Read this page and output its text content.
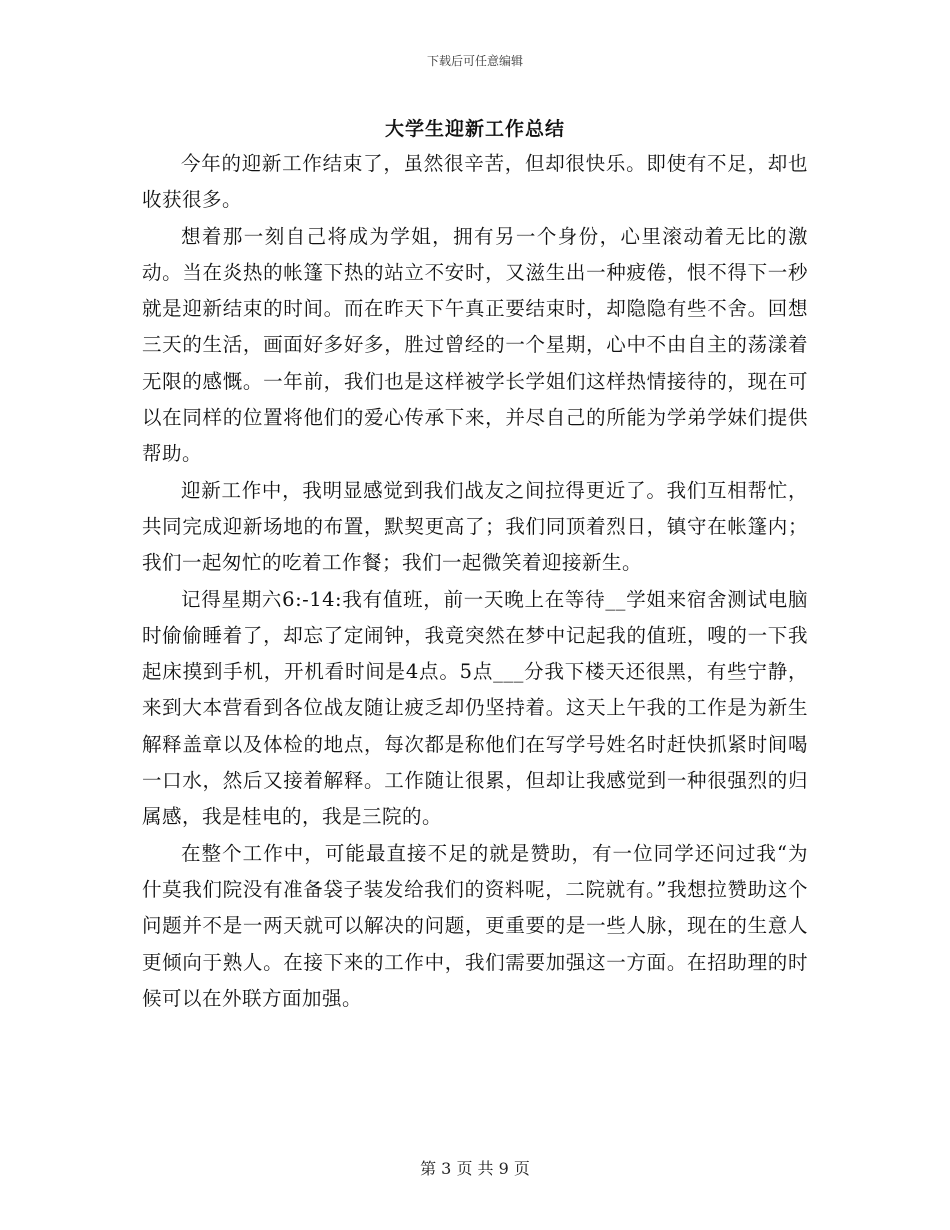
下载后可任意编辑
大学生迎新工作总结

今年的迎新工作结束了，虽然很辛苦，但却很快乐。即使有不足，却也收获很多。

想着那一刻自己将成为学姐，拥有另一个身份，心里滚动着无比的激动。当在炎热的帐篷下热的站立不安时，又滋生出一种疲倦，恨不得下一秒就是迎新结束的时间。而在昨天下午真正要结束时，却隐隐有些不舍。回想三天的生活，画面好多好多，胜过曾经的一个星期，心中不由自主的荡漾着无限的感慨。一年前，我们也是这样被学长学姐们这样热情接待的，现在可以在同样的位置将他们的爱心传承下来，并尽自己的所能为学弟学妹们提供帮助。

迎新工作中，我明显感觉到我们战友之间拉得更近了。我们互相帮忙，共同完成迎新场地的布置，默契更高了；我们同顶着烈日，镇守在帐篷内；我们一起匆忙的吃着工作餐；我们一起微笑着迎接新生。

记得星期六6:-14:我有值班，前一天晚上在等待__学姐来宿舍测试电脑时偷偷睡着了，却忘了定闹钟，我竟突然在梦中记起我的值班，嗖的一下我起床摸到手机，开机看时间是4点。5点___分我下楼天还很黑，有些宁静，来到大本营看到各位战友随让疲乏却仍坚持着。这天上午我的工作是为新生解释盖章以及体检的地点，每次都是称他们在写学号姓名时赶快抓紧时间喝一口水，然后又接着解释。工作随让很累，但却让我感觉到一种很强烈的归属感，我是桂电的，我是三院的。

在整个工作中，可能最直接不足的就是赞助，有一位同学还问过我“为什莫我们院没有准备袋子装发给我们的资料呢，二院就有。”我想拉赞助这个问题并不是一两天就可以解决的问题，更重要的是一些人脉，现在的生意人更倾向于熟人。在接下来的工作中，我们需要加强这一方面。在招助理的时候可以在外联方面加强。

第 3 页 共 9 页
